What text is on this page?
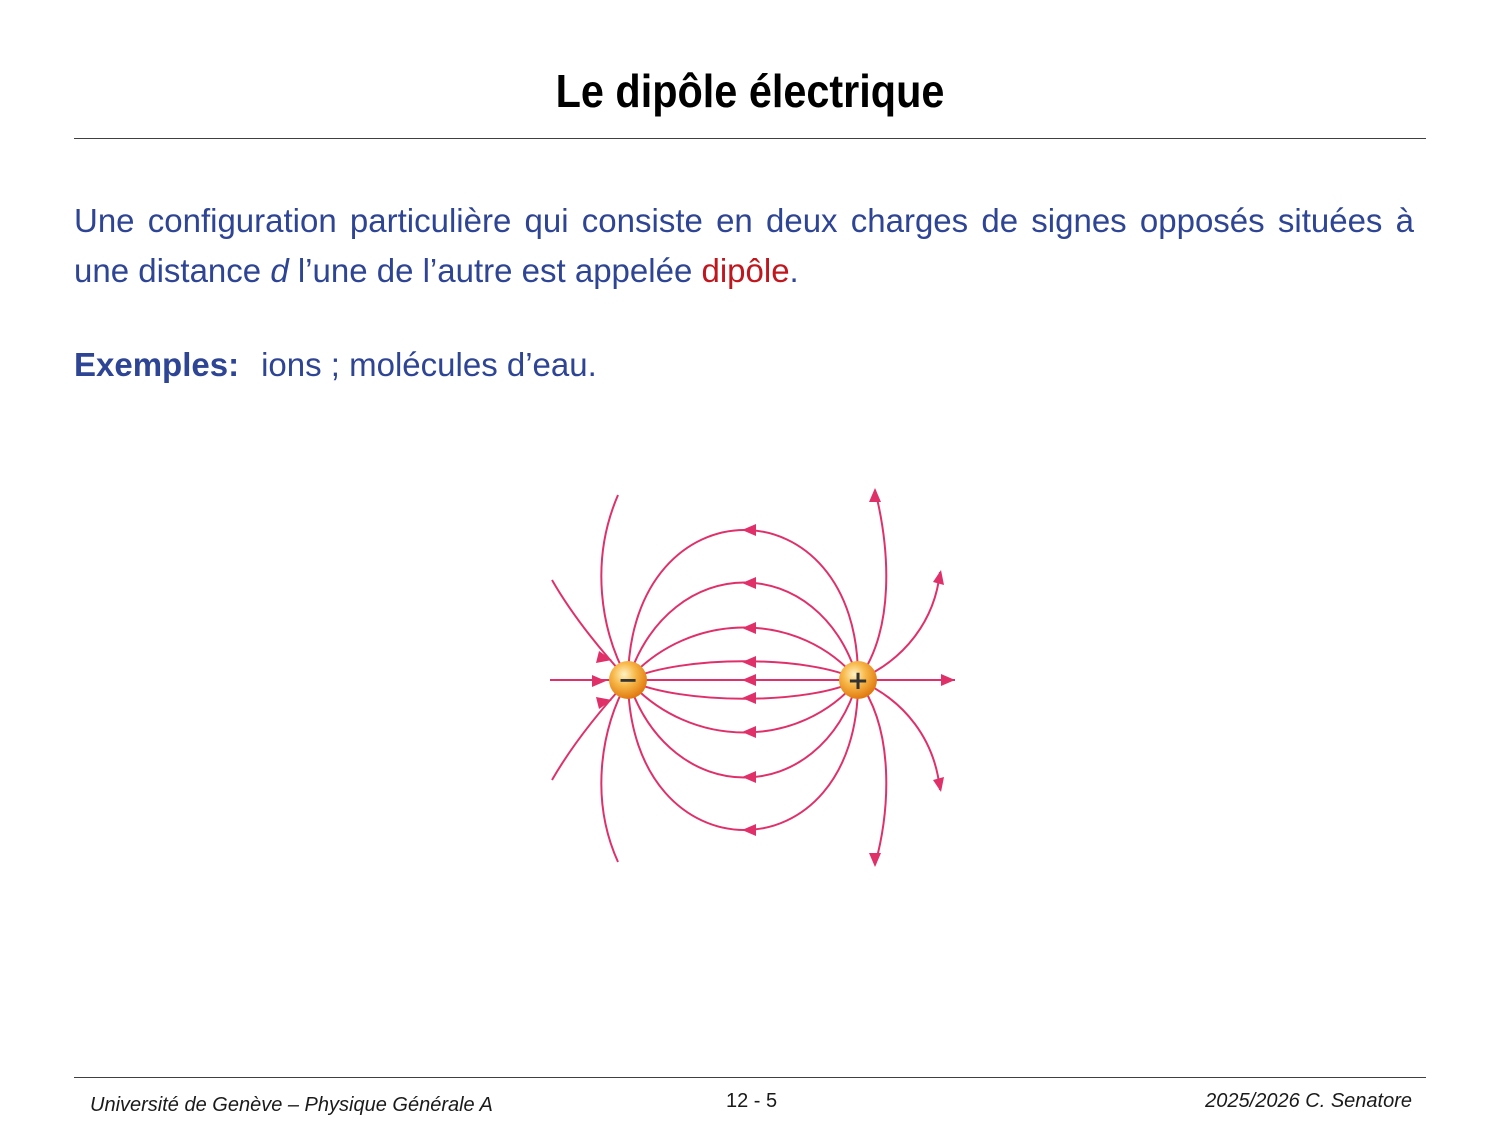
Le dipôle électrique

Une configuration particulière qui consiste en deux charges de signes opposés situées à une distance d l’une de l’autre est appelée dipôle.

Exemples: ions ; molécules d’eau.

−	+
Université de Genève – Physique Générale A	12 - 5	2025/2026 C. Senatore
